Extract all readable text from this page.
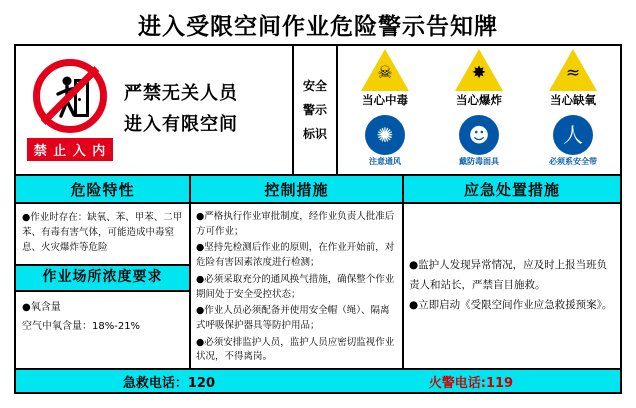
进入受限空间作业危险警示告知牌
禁 止 入 内
严禁无关人员
进入有限空间
安全
警示
标识
☠
当心中毒
✸
当心爆炸
≈
当心缺氧
✺
注意通风
☻
戴防毒面具
人
必须系安全带
危险特性	控制措施	应急处置措施
●作业时存在：缺氧、苯、甲苯、二甲苯、有毒有害气体，可能造成中毒窒息、火灾爆炸等危险
作业场所浓度要求
●氧含量
空气中氧含量：18%-21%

●严格执行作业审批制度，经作业负责人批准后方可作业；

●坚持先检测后作业的原则，在作业开始前，对危险有害因素浓度进行检测；

●必须采取充分的通风换气措施，确保整个作业期间处于安全受控状态；

●作业人员必须配备并使用安全帽（绳）、隔离式呼吸保护器具等防护用品；

●必须安排监护人员，监护人员应密切监视作业状况，不得离岗。

●监护人发现异常情况，应及时上报当班负责人和站长，严禁盲目施救。
●立即启动《受限空间作业应急救援预案》。
急救电话：120	火警电话:119
